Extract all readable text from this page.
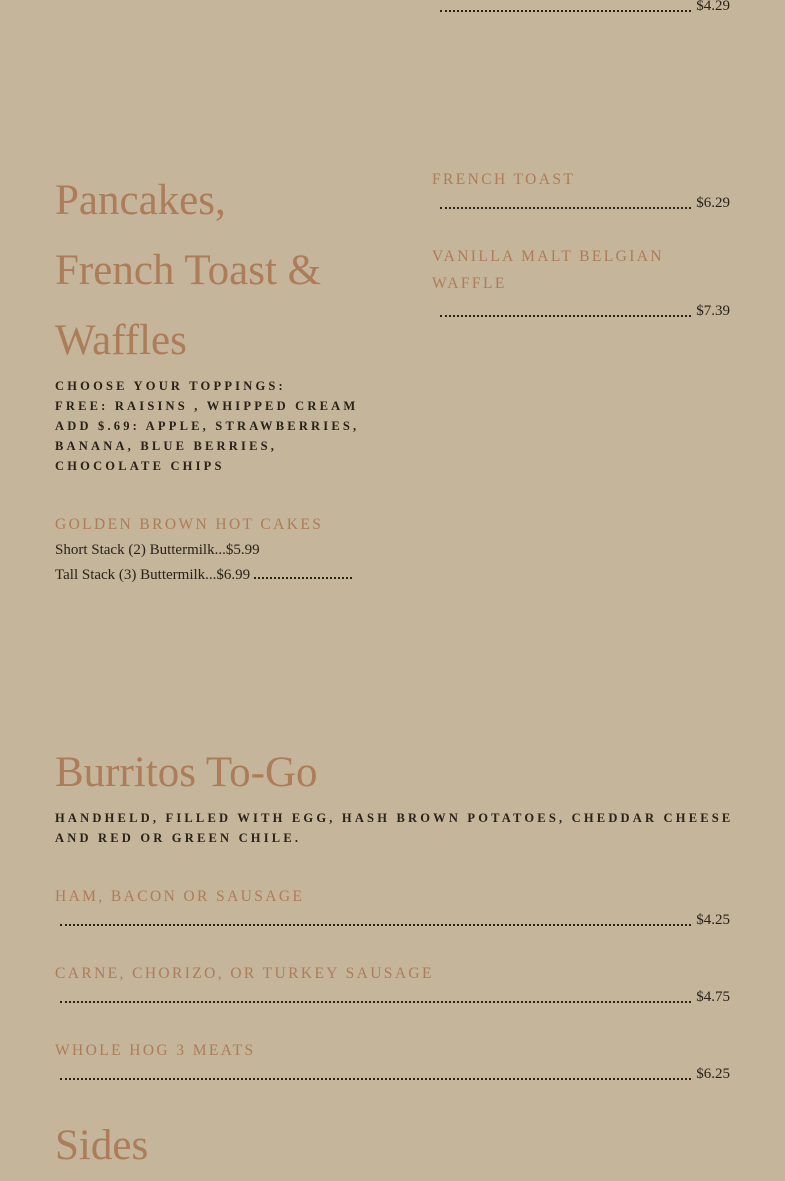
$4.29
Pancakes,
French Toast &
Waffles
CHOOSE YOUR TOPPINGS:
FREE: RAISINS , WHIPPED CREAM
ADD $.69: APPLE, STRAWBERRIES,
BANANA, BLUE BERRIES,
CHOCOLATE CHIPS
GOLDEN BROWN HOT CAKES
Short Stack (2) Buttermilk...$5.99
Tall Stack (3) Buttermilk...$6.99
FRENCH TOAST
$6.29
VANILLA MALT BELGIAN
WAFFLE
$7.39
Burritos To-Go
HANDHELD, FILLED WITH EGG, HASH BROWN POTATOES, CHEDDAR CHEESE
AND RED OR GREEN CHILE.
HAM, BACON OR SAUSAGE
$4.25
CARNE, CHORIZO, OR TURKEY SAUSAGE
$4.75
WHOLE HOG 3 MEATS
$6.25
Sides
